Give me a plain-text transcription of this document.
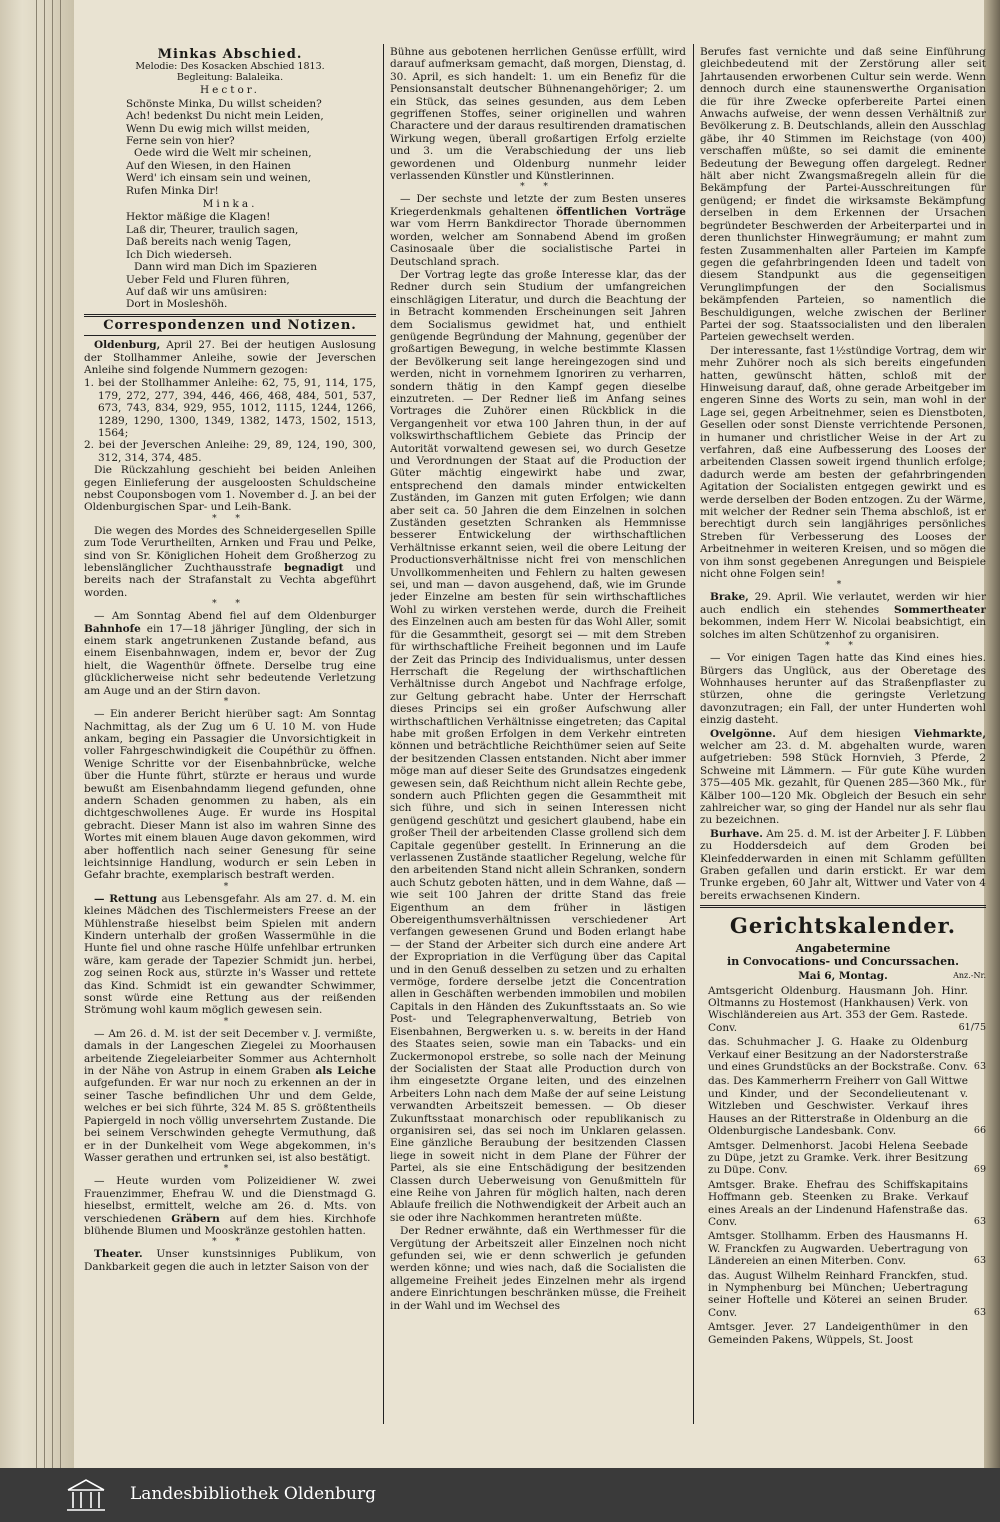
Minkas Abschied.
Melodie: Des Kosacken Abschied 1813.
Begleitung: Balaleika.
Hector.

Schönste Minka, Du willst scheiden?

Ach! bedenkst Du nicht mein Leiden,

Wenn Du ewig mich willst meiden,

Ferne sein von hier?

Oede wird die Welt mir scheinen,

Auf den Wiesen, in den Hainen

Werd' ich einsam sein und weinen,

Rufen Minka Dir!

Minka.

Hektor mäßige die Klagen!

Laß dir, Theurer, traulich sagen,

Daß bereits nach wenig Tagen,

Ich Dich wiederseh.

Dann wird man Dich im Spazieren

Ueber Feld und Fluren führen,

Auf daß wir uns amüsiren:

Dort in Mosleshöh.

Correspondenzen und Notizen.

Oldenburg, April 27. Bei der heutigen Auslosung der Stollhammer Anleihe, sowie der Jeverschen Anleihe sind folgende Nummern gezogen:

1. bei der Stollhammer Anleihe: 62, 75, 91, 114, 175, 179, 272, 277, 394, 446, 466, 468, 484, 501, 537, 673, 743, 834, 929, 955, 1012, 1115, 1244, 1266, 1289, 1290, 1300, 1349, 1382, 1473, 1502, 1513, 1564;

2. bei der Jeverschen Anleihe: 29, 89, 124, 190, 300, 312, 314, 374, 485.

Die Rückzahlung geschieht bei beiden Anleihen gegen Einlieferung der ausgeloosten Schuldscheine nebst Couponsbogen vom 1. November d. J. an bei der Oldenburgischen Spar- und Leih-Bank.

* *

Die wegen des Mordes des Schneidergesellen Spille zum Tode Verurtheilten, Arnken und Frau und Pelke, sind von Sr. Königlichen Hoheit dem Großherzog zu lebenslänglicher Zuchthausstrafe begnadigt und bereits nach der Strafanstalt zu Vechta abgeführt worden.

* *

— Am Sonntag Abend fiel auf dem Oldenburger Bahnhofe ein 17—18 jähriger Jüngling, der sich in einem stark angetrunkenen Zustande befand, aus einem Eisenbahnwagen, indem er, bevor der Zug hielt, die Wagenthür öffnete. Derselbe trug eine glücklicherweise nicht sehr bedeutende Verletzung am Auge und an der Stirn davon.

*

— Ein anderer Bericht hierüber sagt: Am Sonntag Nachmittag, als der Zug um 6 U. 10 M. von Hude ankam, beging ein Passagier die Unvorsichtigkeit in voller Fahrgeschwindigkeit die Coupéthür zu öffnen. Wenige Schritte vor der Eisenbahnbrücke, welche über die Hunte führt, stürzte er heraus und wurde bewußt am Eisenbahndamm liegend gefunden, ohne andern Schaden genommen zu haben, als ein dichtgeschwollenes Auge. Er wurde ins Hospital gebracht. Dieser Mann ist also im wahren Sinne des Wortes mit einem blauen Auge davon gekommen, wird aber hoffentlich nach seiner Genesung für seine leichtsinnige Handlung, wodurch er sein Leben in Gefahr brachte, exemplarisch bestraft werden.

*

— Rettung aus Lebensgefahr. Als am 27. d. M. ein kleines Mädchen des Tischlermeisters Freese an der Mühlenstraße hieselbst beim Spielen mit andern Kindern unterhalb der großen Wassermühle in die Hunte fiel und ohne rasche Hülfe unfehlbar ertrunken wäre, kam gerade der Tapezier Schmidt jun. herbei, zog seinen Rock aus, stürzte in's Wasser und rettete das Kind. Schmidt ist ein gewandter Schwimmer, sonst würde eine Rettung aus der reißenden Strömung wohl kaum möglich gewesen sein.

*

— Am 26. d. M. ist der seit December v. J. vermißte, damals in der Langeschen Ziegelei zu Moorhausen arbeitende Ziegeleiarbeiter Sommer aus Achternholt in der Nähe von Astrup in einem Graben als Leiche aufgefunden. Er war nur noch zu erkennen an der in seiner Tasche befindlichen Uhr und dem Gelde, welches er bei sich führte, 324 M. 85 S. größtentheils Papiergeld in noch völlig unversehrtem Zustande. Die bei seinem Verschwinden gehegte Vermuthung, daß er in der Dunkelheit vom Wege abgekommen, in's Wasser gerathen und ertrunken sei, ist also bestätigt.

*

— Heute wurden vom Polizeidiener W. zwei Frauenzimmer, Ehefrau W. und die Dienstmagd G. hieselbst, ermittelt, welche am 26. d. Mts. von verschiedenen Gräbern auf dem hies. Kirchhofe blühende Blumen und Mooskränze gestohlen hatten.

* *

Theater. Unser kunstsinniges Publikum, von Dankbarkeit gegen die auch in letzter Saison von der

Bühne aus gebotenen herrlichen Genüsse erfüllt, wird darauf aufmerksam gemacht, daß morgen, Dienstag, d. 30. April, es sich handelt: 1. um ein Benefiz für die Pensionsanstalt deutscher Bühnenangehöriger; 2. um ein Stück, das seines gesunden, aus dem Leben gegriffenen Stoffes, seiner originellen und wahren Charactere und der daraus resultirenden dramatischen Wirkung wegen, überall großartigen Erfolg erzielte und 3. um die Verabschiedung der uns lieb gewordenen und Oldenburg nunmehr leider verlassenden Künstler und Künstlerinnen.

* *

— Der sechste und letzte der zum Besten unseres Kriegerdenkmals gehaltenen öffentlichen Vorträge war vom Herrn Bankdirector Thorade übernommen worden, welcher am Sonnabend Abend im großen Casinosaale über die socialistische Partei in Deutschland sprach.

Der Vortrag legte das große Interesse klar, das der Redner durch sein Studium der umfangreichen einschlägigen Literatur, und durch die Beachtung der in Betracht kommenden Erscheinungen seit Jahren dem Socialismus gewidmet hat, und enthielt genügende Begründung der Mahnung, gegenüber der großartigen Bewegung, in welche bestimmte Klassen der Bevölkerung seit lange hereingezogen sind und werden, nicht in vornehmem Ignoriren zu verharren, sondern thätig in den Kampf gegen dieselbe einzutreten. — Der Redner ließ im Anfang seines Vortrages die Zuhörer einen Rückblick in die Vergangenheit vor etwa 100 Jahren thun, in der auf volkswirthschaftlichem Gebiete das Princip der Autorität vorwaltend gewesen sei, wo durch Gesetze und Verordnungen der Staat auf die Production der Güter mächtig eingewirkt habe und zwar, entsprechend den damals minder entwickelten Zuständen, im Ganzen mit guten Erfolgen; wie dann aber seit ca. 50 Jahren die dem Einzelnen in solchen Zuständen gesetzten Schranken als Hemmnisse besserer Entwickelung der wirthschaftlichen Verhältnisse erkannt seien, weil die obere Leitung der Productionsverhältnisse nicht frei von menschlichen Unvollkommenheiten und Fehlern zu halten gewesen sei, und man — davon ausgehend, daß, wie im Grunde jeder Einzelne am besten für sein wirthschaftliches Wohl zu wirken verstehen werde, durch die Freiheit des Einzelnen auch am besten für das Wohl Aller, somit für die Gesammtheit, gesorgt sei — mit dem Streben für wirthschaftliche Freiheit begonnen und im Laufe der Zeit das Princip des Individualismus, unter dessen Herrschaft die Regelung der wirthschaftlichen Verhältnisse durch Angebot und Nachfrage erfolge, zur Geltung gebracht habe. Unter der Herrschaft dieses Princips sei ein großer Aufschwung aller wirthschaftlichen Verhältnisse eingetreten; das Capital habe mit großen Erfolgen in dem Verkehr eintreten können und beträchtliche Reichthümer seien auf Seite der besitzenden Classen entstanden. Nicht aber immer möge man auf dieser Seite des Grundsatzes eingedenk gewesen sein, daß Reichthum nicht allein Rechte gebe, sondern auch Pflichten gegen die Gesammtheit mit sich führe, und sich in seinen Interessen nicht genügend geschützt und gesichert glaubend, habe ein großer Theil der arbeitenden Classe grollend sich dem Capitale gegenüber gestellt. In Erinnerung an die verlassenen Zustände staatlicher Regelung, welche für den arbeitenden Stand nicht allein Schranken, sondern auch Schutz geboten hätten, und in dem Wahne, daß — wie seit 100 Jahren der dritte Stand das freie Eigenthum an dem früher in lästigen Obereigenthumsverhältnissen verschiedener Art verfangen gewesenen Grund und Boden erlangt habe — der Stand der Arbeiter sich durch eine andere Art der Expropriation in die Verfügung über das Capital und in den Genuß desselben zu setzen und zu erhalten vermöge, fordere derselbe jetzt die Concentration allen in Geschäften werbenden immobilen und mobilen Capitals in den Händen des Zukunftsstaats an. So wie Post- und Telegraphenverwaltung, Betrieb von Eisenbahnen, Bergwerken u. s. w. bereits in der Hand des Staates seien, sowie man ein Tabacks- und ein Zuckermonopol erstrebe, so solle nach der Meinung der Socialisten der Staat alle Production durch von ihm eingesetzte Organe leiten, und des einzelnen Arbeiters Lohn nach dem Maße der auf seine Leistung verwandten Arbeitszeit bemessen. — Ob dieser Zukunftsstaat monarchisch oder republikanisch zu organisiren sei, das sei noch im Unklaren gelassen. Eine gänzliche Beraubung der besitzenden Classen liege in soweit nicht in dem Plane der Führer der Partei, als sie eine Entschädigung der besitzenden Classen durch Ueberweisung von Genußmitteln für eine Reihe von Jahren für möglich halten, nach deren Ablaufe freilich die Nothwendigkeit der Arbeit auch an sie oder ihre Nachkommen herantreten müßte.

Der Redner erwähnte, daß ein Werthmesser für die Vergütung der Arbeitszeit aller Einzelnen noch nicht gefunden sei, wie er denn schwerlich je gefunden werden könne; und wies nach, daß die Socialisten die allgemeine Freiheit jedes Einzelnen mehr als irgend andere Einrichtungen beschränken müsse, die Freiheit in der Wahl und im Wechsel des

Berufes fast vernichte und daß seine Einführung gleichbedeutend mit der Zerstörung aller seit Jahrtausenden erworbenen Cultur sein werde. Wenn dennoch durch eine staunenswerthe Organisation die für ihre Zwecke opferbereite Partei einen Anwachs aufweise, der wenn dessen Verhältniß zur Bevölkerung z. B. Deutschlands, allein den Ausschlag gäbe, ihr 40 Stimmen im Reichstage (von 400) verschaffen müßte, so sei damit die eminente Bedeutung der Bewegung offen dargelegt. Redner hält aber nicht Zwangsmaßregeln allein für die Bekämpfung der Partei-Ausschreitungen für genügend; er findet die wirksamste Bekämpfung derselben in dem Erkennen der Ursachen begründeter Beschwerden der Arbeiterpartei und in deren thunlichster Hinwegräumung; er mahnt zum festen Zusammenhalten aller Parteien im Kampfe gegen die gefahrbringenden Ideen und tadelt von diesem Standpunkt aus die gegenseitigen Verunglimpfungen der den Socialismus bekämpfenden Parteien, so namentlich die Beschuldigungen, welche zwischen der Berliner Partei der sog. Staatssocialisten und den liberalen Parteien gewechselt werden.

Der interessante, fast 1½stündige Vortrag, dem wir mehr Zuhörer noch als sich bereits eingefunden hatten, gewünscht hätten, schloß mit der Hinweisung darauf, daß, ohne gerade Arbeitgeber im engeren Sinne des Worts zu sein, man wohl in der Lage sei, gegen Arbeitnehmer, seien es Dienstboten, Gesellen oder sonst Dienste verrichtende Personen, in humaner und christlicher Weise in der Art zu verfahren, daß eine Aufbesserung des Looses der arbeitenden Classen soweit irgend thunlich erfolge; dadurch werde am besten der gefahrbringenden Agitation der Socialisten entgegen gewirkt und es werde derselben der Boden entzogen. Zu der Wärme, mit welcher der Redner sein Thema abschloß, ist er berechtigt durch sein langjähriges persönliches Streben für Verbesserung des Looses der Arbeitnehmer in weiteren Kreisen, und so mögen die von ihm sonst gegebenen Anregungen und Beispiele nicht ohne Folgen sein!

*

Brake, 29. April. Wie verlautet, werden wir hier auch endlich ein stehendes Sommertheater bekommen, indem Herr W. Nicolai beabsichtigt, ein solches im alten Schützenhof zu organisiren.

* *

— Vor einigen Tagen hatte das Kind eines hies. Bürgers das Unglück, aus der Oberetage des Wohnhauses herunter auf das Straßenpflaster zu stürzen, ohne die geringste Verletzung davonzutragen; ein Fall, der unter Hunderten wohl einzig dasteht.

Ovelgönne. Auf dem hiesigen Viehmarkte, welcher am 23. d. M. abgehalten wurde, waren aufgetrieben: 598 Stück Hornvieh, 3 Pferde, 2 Schweine mit Lämmern. — Für gute Kühe wurden 375—405 Mk. gezahlt, für Quenen 285—360 Mk., für Kälber 100—120 Mk. Obgleich der Besuch ein sehr zahlreicher war, so ging der Handel nur als sehr flau zu bezeichnen.

Burhave. Am 25. d. M. ist der Arbeiter J. F. Lübben zu Hoddersdeich auf dem Groden bei Kleinfedderwarden in einen mit Schlamm gefüllten Graben gefallen und darin erstickt. Er war dem Trunke ergeben, 60 Jahr alt, Wittwer und Vater von 4 bereits erwachsenen Kindern.

Gerichtskalender.
Angabetermine
in Convocations- und Concurssachen.
Mai 6, Montag.	Anz.-Nr.

Amtsgericht Oldenburg. Hausmann Joh. Hinr. Oltmanns zu Hostemost (Hankhausen) Verk. von Wischländereien aus Art. 353 der Gem. Rastede. Conv.	61/75

das. Schuhmacher J. G. Haake zu Oldenburg Verkauf einer Besitzung an der Nadorsterstraße und eines Grundstücks an der Bockstraße. Conv. 63

das. Des Kammerherrn Freiherr von Gall Wittwe und Kinder, und der Secondelieutenant v. Witzleben und Geschwister. Verkauf ihres Hauses an der Ritterstraße in Oldenburg an die Oldenburgische Landesbank. Conv.	66

Amtsger. Delmenhorst. Jacobi Helena Seebade zu Düpe, jetzt zu Gramke. Verk. ihrer Besitzung zu Düpe. Conv.	69

Amtsger. Brake. Ehefrau des Schiffskapitains Hoffmann geb. Steenken zu Brake. Verkauf eines Areals an der Lindenund Hafenstraße das. Conv.	63

Amtsger. Stollhamm. Erben des Hausmanns H. W. Franckfen zu Augwarden. Uebertragung von Ländereien an einen Miterben. Conv.	63

das. August Wilhelm Reinhard Franckfen, stud. in Nymphenburg bei München; Uebertragung seiner Hoftelle und Köterei an seinen Bruder. Conv.	63

Amtsger. Jever. 27 Landeigenthümer in den Gemeinden Pakens, Wüppels, St. Joost

Landesbibliothek Oldenburg
